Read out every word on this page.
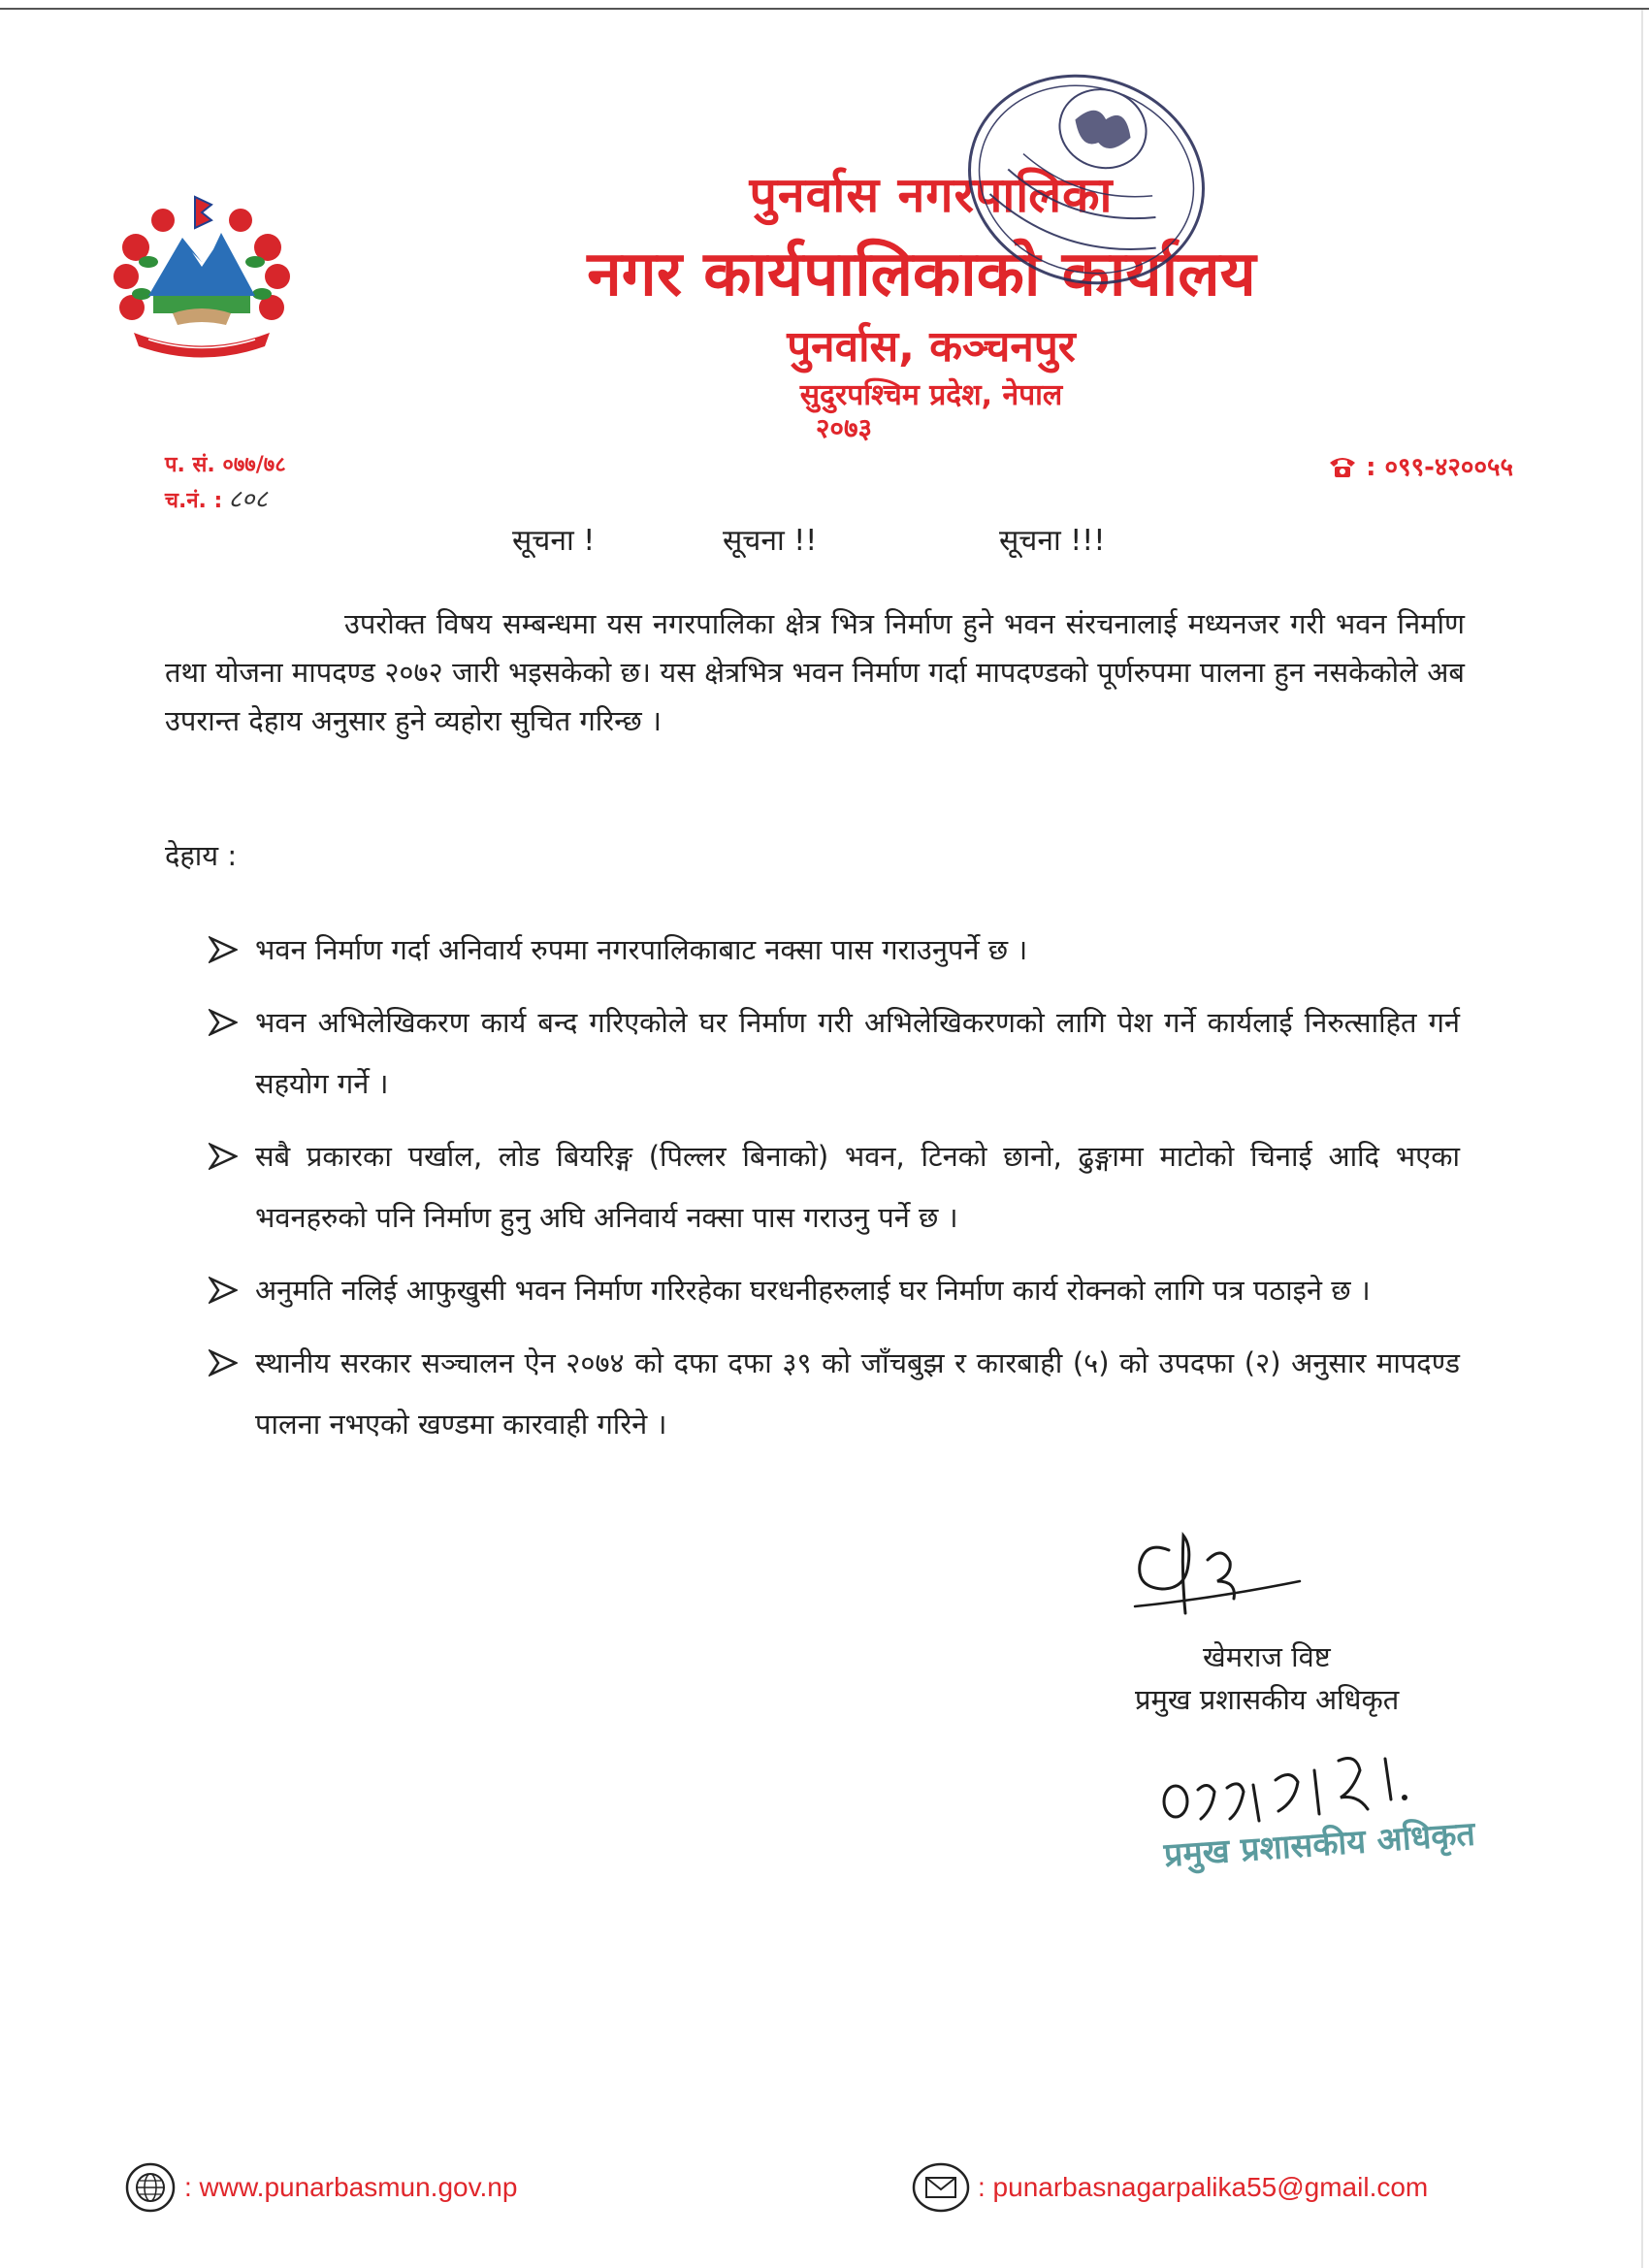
पुनर्वास नगरपालिका
नगर कार्यपालिकाको कार्यालय
पुनर्वास, कञ्चनपुर
सुदुरपश्चिम प्रदेश, नेपाल
२०७३
प. सं. ०७७/७८
च.नं. : ८०८
: ०९९-४२००५५
सूचना !	सूचना !!	सूचना !!!
उपरोक्त विषय सम्बन्धमा यस नगरपालिका क्षेत्र भित्र निर्माण हुने भवन संरचनालाई मध्यनजर गरी भवन निर्माण तथा योजना मापदण्ड २०७२ जारी भइसकेको छ। यस क्षेत्रभित्र भवन निर्माण गर्दा मापदण्डको पूर्णरुपमा पालना हुन नसकेकोले अब उपरान्त देहाय अनुसार हुने व्यहोरा सुचित गरिन्छ ।
देहाय :
भवन निर्माण गर्दा अनिवार्य रुपमा नगरपालिकाबाट नक्सा पास गराउनुपर्ने छ ।
भवन अभिलेखिकरण कार्य बन्द गरिएकोले घर निर्माण गरी अभिलेखिकरणको लागि पेश गर्ने कार्यलाई निरुत्साहित गर्न सहयोग गर्ने ।
सबै प्रकारका पर्खाल, लोड बियरिङ्ग (पिल्लर बिनाको) भवन, टिनको छानो, ढुङ्गामा माटोको चिनाई आदि भएका भवनहरुको पनि निर्माण हुनु अघि अनिवार्य नक्सा पास गराउनु पर्ने छ ।
अनुमति नलिई आफुखुसी भवन निर्माण गरिरहेका घरधनीहरुलाई घर निर्माण कार्य रोक्नको लागि पत्र पठाइने छ ।
स्थानीय सरकार सञ्चालन ऐन २०७४ को दफा दफा ३९ को जाँचबुझ र कारबाही (५) को उपदफा (२) अनुसार मापदण्ड पालना नभएको खण्डमा कारवाही गरिने ।
खेमराज विष्ट
प्रमुख प्रशासकीय अधिकृत
प्रमुख प्रशासकीय अधिकृत
: www.punarbasmun.gov.np	: punarbasnagarpalika55@gmail.com
